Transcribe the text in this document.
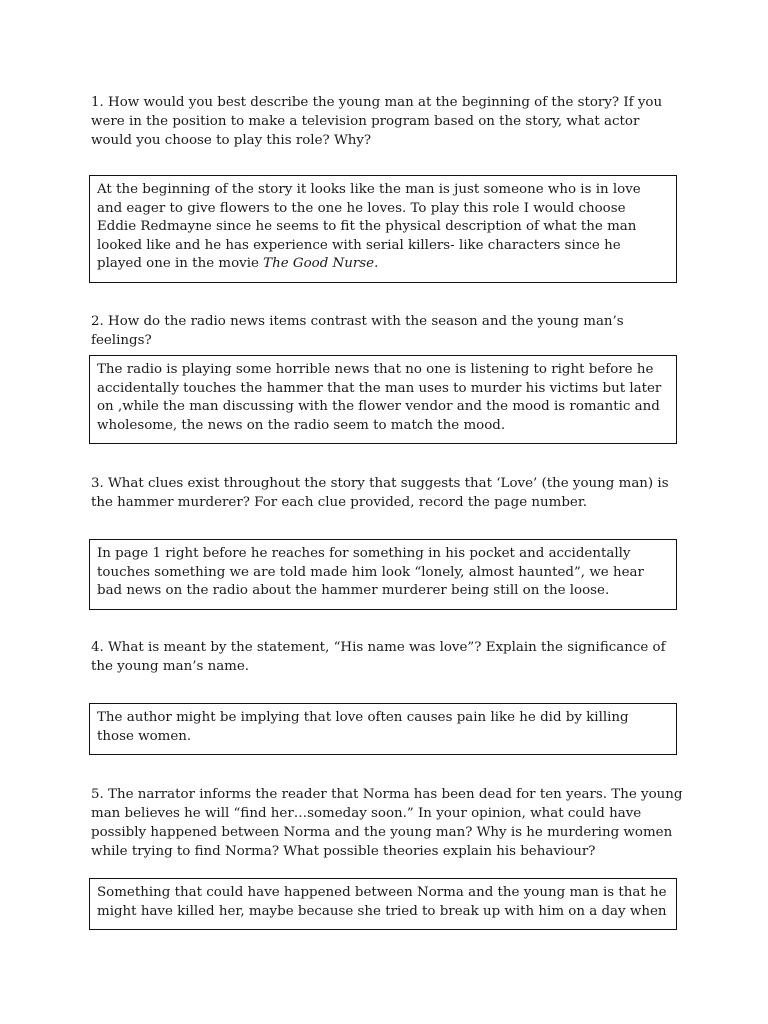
1. How would you best describe the young man at the beginning of the story? If you were in the position to make a television program based on the story, what actor would you choose to play this role? Why?

At the beginning of the story it looks like the man is just someone who is in love and eager to give flowers to the one he loves. To play this role I would choose Eddie Redmayne since he seems to fit the physical description of what the man looked like and he has experience with serial killers- like characters since he played one in the movie The Good Nurse.

2. How do the radio news items contrast with the season and the young man’s feelings?

The radio is playing some horrible news that no one is listening to right before he accidentally touches the hammer that the man uses to murder his victims but later on ,while the man discussing with the flower vendor and the mood is romantic and wholesome, the news on the radio seem to match the mood.

3. What clues exist throughout the story that suggests that ‘Love’ (the young man) is the hammer murderer? For each clue provided, record the page number.

In page 1 right before he reaches for something in his pocket and accidentally touches something we are told made him look “lonely, almost haunted”, we hear bad news on the radio about the hammer murderer being still on the loose.

4. What is meant by the statement, “His name was love”? Explain the significance of the young man’s name.

The author might be implying that love often causes pain like he did by killing those women.

5. The narrator informs the reader that Norma has been dead for ten years. The young man believes he will “find her…someday soon.” In your opinion, what could have possibly happened between Norma and the young man? Why is he murdering women while trying to find Norma? What possible theories explain his behaviour?

Something that could have happened between Norma and the young man is that he might have killed her, maybe because she tried to break up with him on a day when
